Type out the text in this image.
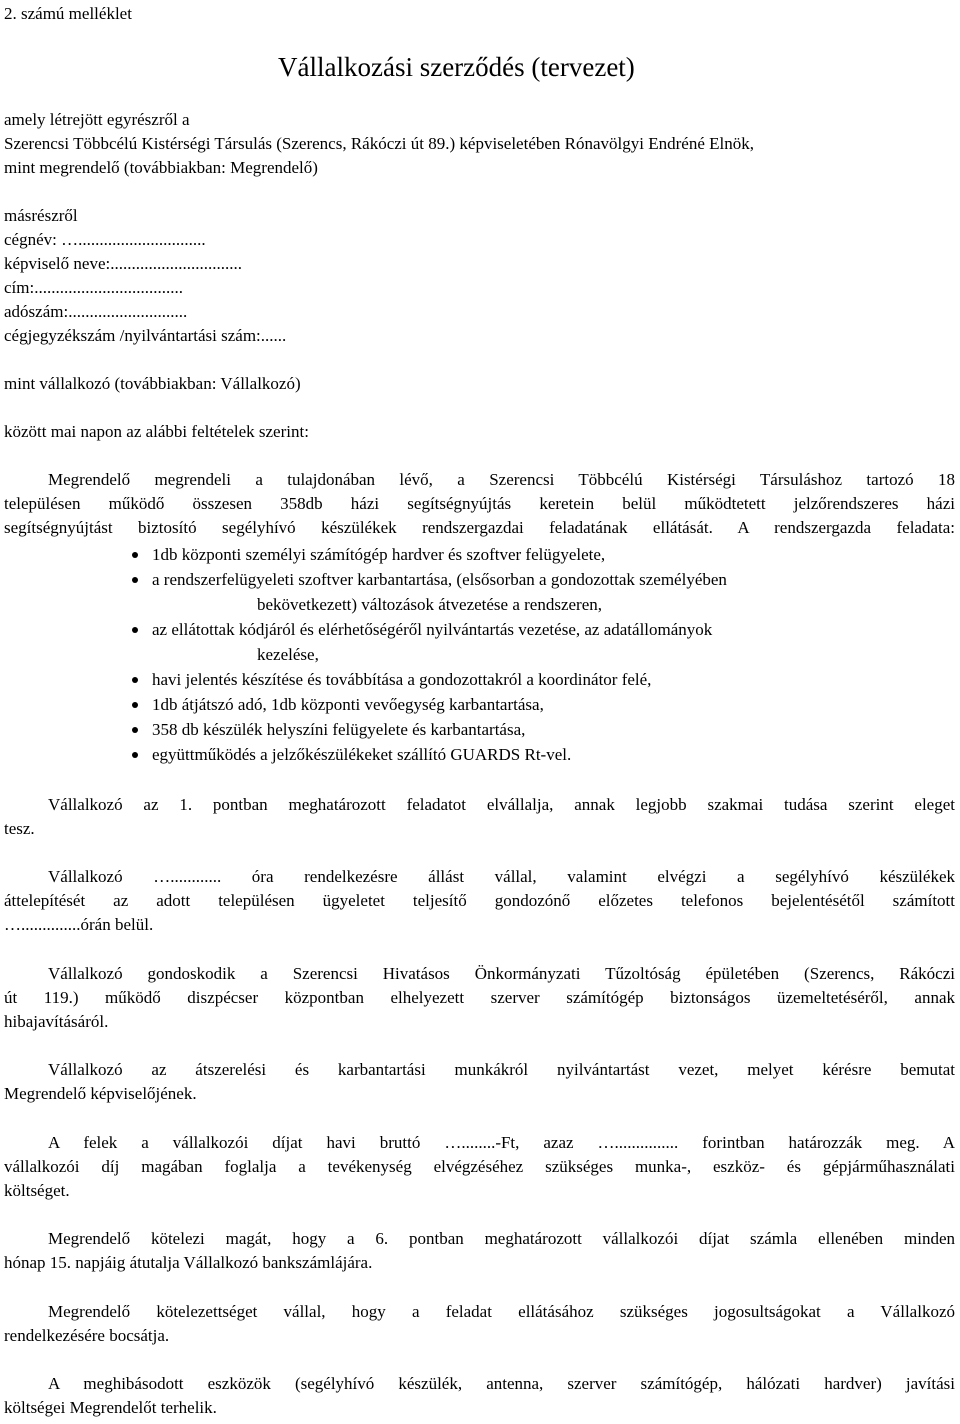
2. számú melléklet
Vállalkozási szerződés (tervezet)
amely létrejött egyrészről a
Szerencsi Többcélú Kistérségi Társulás (Szerencs, Rákóczi út 89.) képviseletében Rónavölgyi Endréné Elnök,
mint megrendelő (továbbiakban: Megrendelő)
másrészről
cégnév: …..............................
képviselő neve:...............................
cím:...................................
adószám:............................
cégjegyzékszám /nyilvántartási szám:......
mint vállalkozó (továbbiakban: Vállalkozó)
között mai napon az alábbi feltételek szerint:
Megrendelő megrendeli a tulajdonában lévő, a Szerencsi Többcélú Kistérségi Társuláshoz tartozó 18
településen működő összesen 358db házi segítségnyújtás keretein belül működtetett jelzőrendszeres házi
segítségnyújtást biztosító segélyhívó készülékek rendszergazdai feladatának ellátását. A rendszergazda feladata:
1db központi személyi számítógép hardver és szoftver felügyelete,
a rendszerfelügyeleti szoftver karbantartása, (elsősorban a gondozottak személyében
bekövetkezett) változások átvezetése a rendszeren,
az ellátottak kódjáról és elérhetőségéről nyilvántartás vezetése, az adatállományok
kezelése,
havi jelentés készítése és továbbítása a gondozottakról a koordinátor felé,
1db átjátszó adó, 1db központi vevőegység karbantartása,
358 db készülék helyszíni felügyelete és karbantartása,
együttműködés a jelzőkészülékeket szállító GUARDS Rt-vel.
Vállalkozó az 1. pontban meghatározott feladatot elvállalja, annak legjobb szakmai tudása szerint eleget
tesz.
Vállalkozó …............ óra rendelkezésre állást vállal, valamint elvégzi a segélyhívó készülékek
áttelepítését az adott településen ügyeletet teljesítő gondozónő előzetes telefonos bejelentésétől számított
…..............órán belül.
Vállalkozó gondoskodik a Szerencsi Hivatásos Önkormányzati Tűzoltóság épületében (Szerencs, Rákóczi
út 119.) működő diszpécser központban elhelyezett szerver számítógép biztonságos üzemeltetéséről, annak
hibajavításáról.
Vállalkozó az átszerelési és karbantartási munkákról nyilvántartást vezet, melyet kérésre bemutat
Megrendelő képviselőjének.
A felek a vállalkozói díjat havi bruttó …........-Ft, azaz …............... forintban határozzák meg. A
vállalkozói díj magában foglalja a tevékenység elvégzéséhez szükséges munka-, eszköz- és gépjárműhasználati
költséget.
Megrendelő kötelezi magát, hogy a 6. pontban meghatározott vállalkozói díjat számla ellenében minden
hónap 15. napjáig átutalja Vállalkozó bankszámlájára.
Megrendelő kötelezettséget vállal, hogy a feladat ellátásához szükséges jogosultságokat a Vállalkozó
rendelkezésére bocsátja.
A meghibásodott eszközök (segélyhívó készülék, antenna, szerver számítógép, hálózati hardver) javítási
költségei Megrendelőt terhelik.
